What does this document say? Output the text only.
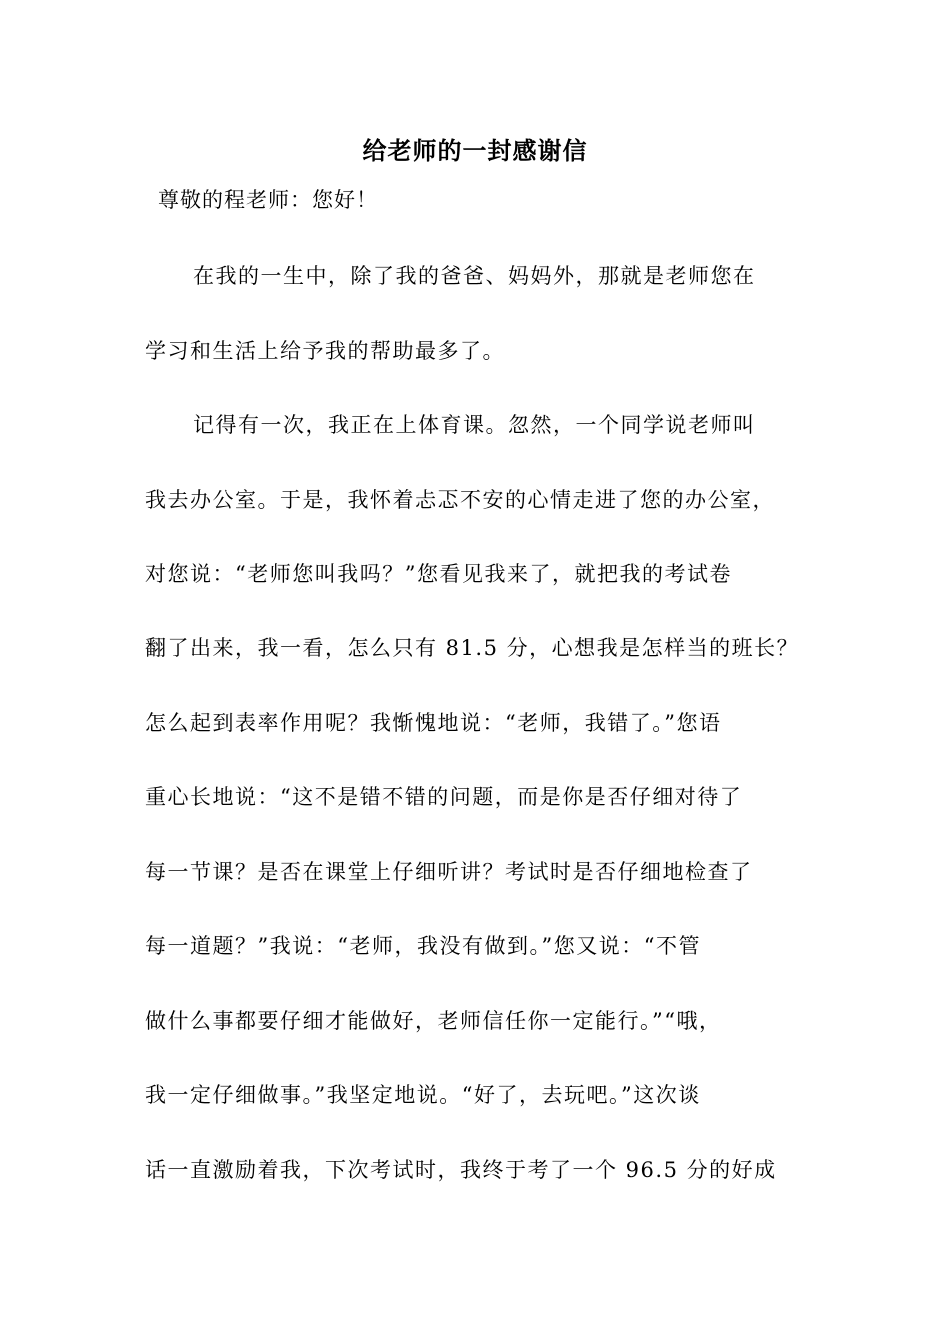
给老师的一封感谢信
尊敬的程老师：您好！
在我的一生中，除了我的爸爸、妈妈外，那就是老师您在
学习和生活上给予我的帮助最多了。
记得有一次，我正在上体育课。忽然，一个同学说老师叫
我去办公室。于是，我怀着忐忑不安的心情走进了您的办公室，
对您说：“老师您叫我吗？”您看见我来了，就把我的考试卷
翻了出来，我一看，怎么只有 81.5 分，心想我是怎样当的班长？
怎么起到表率作用呢？我惭愧地说：“老师，我错了。”您语
重心长地说：“这不是错不错的问题，而是你是否仔细对待了
每一节课？是否在课堂上仔细听讲？考试时是否仔细地检查了
每一道题？”我说：“老师，我没有做到。”您又说：“不管
做什么事都要仔细才能做好，老师信任你一定能行。”“哦，
我一定仔细做事。”我坚定地说。“好了，去玩吧。”这次谈
话一直激励着我，下次考试时，我终于考了一个 96.5 分的好成
